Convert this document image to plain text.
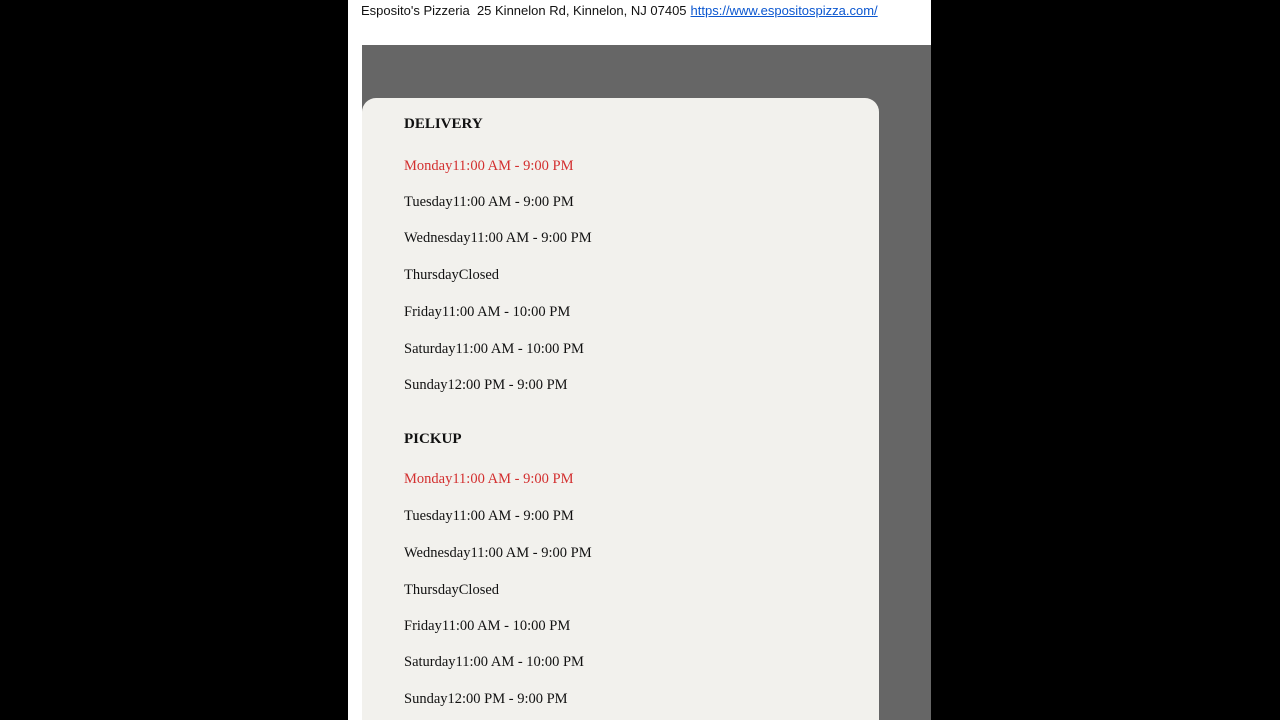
Esposito's Pizzeria 25 Kinnelon Rd, Kinnelon, NJ 07405 https://www.espositospizza.com/
DELIVERY
Monday11:00 AM - 9:00 PM
Tuesday11:00 AM - 9:00 PM
Wednesday11:00 AM - 9:00 PM
ThursdayClosed
Friday11:00 AM - 10:00 PM
Saturday11:00 AM - 10:00 PM
Sunday12:00 PM - 9:00 PM
PICKUP
Monday11:00 AM - 9:00 PM
Tuesday11:00 AM - 9:00 PM
Wednesday11:00 AM - 9:00 PM
ThursdayClosed
Friday11:00 AM - 10:00 PM
Saturday11:00 AM - 10:00 PM
Sunday12:00 PM - 9:00 PM
